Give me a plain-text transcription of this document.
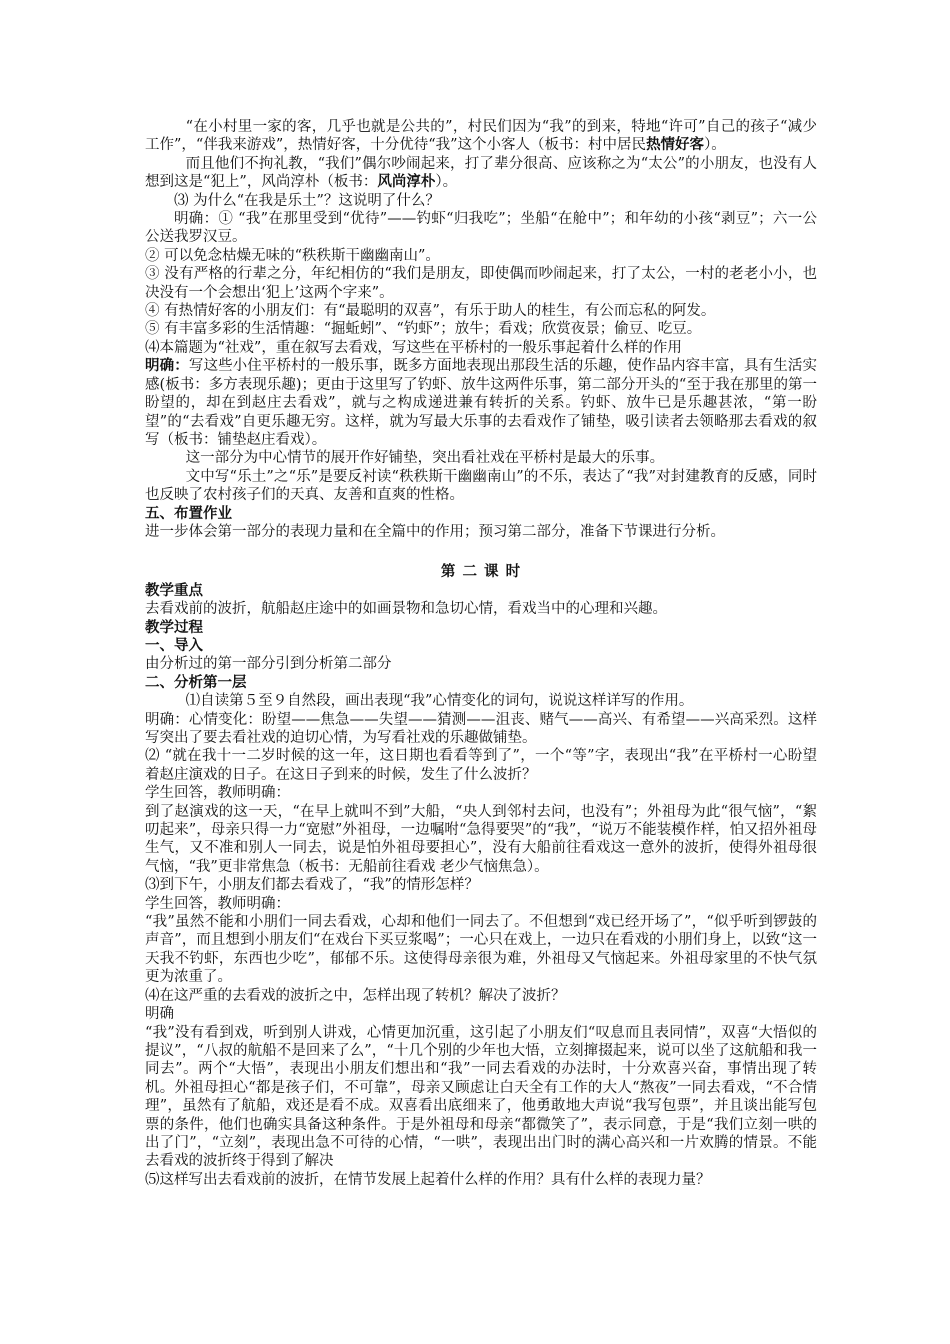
“在小村里一家的客，几乎也就是公共的”，村民们因为“我”的到来，特地“许可”自己的孩子“减少工作”，“伴我来游戏”，热情好客，十分优待“我”这个小客人（板书：村中居民热情好客）。

而且他们不拘礼教，“我们”偶尔吵闹起来，打了辈分很高、应该称之为“太公”的小朋友，也没有人想到这是“犯上”，风尚淳朴（板书：风尚淳朴）。

⑶ 为什么“在我是乐土”？这说明了什么？

明确：① “我”在那里受到“优待”——钓虾“归我吃”；坐船“在舱中”；和年幼的小孩“剥豆”；六一公公送我罗汉豆。

② 可以免念枯燥无味的“秩秩斯干幽幽南山”。

③ 没有严格的行辈之分，年纪相仿的“我们是朋友，即使偶而吵闹起来，打了太公，一村的老老小小，也决没有一个会想出‘犯上’这两个字来”。

④ 有热情好客的小朋友们：有“最聪明的双喜”，有乐于助人的桂生，有公而忘私的阿发。

⑤ 有丰富多彩的生活情趣：“掘蚯蚓”、“钓虾”；放牛；看戏；欣赏夜景；偷豆、吃豆。

⑷本篇题为“社戏”，重在叙写去看戏，写这些在平桥村的一般乐事起着什么样的作用

明确：写这些小住平桥村的一般乐事，既多方面地表现出那段生活的乐趣，使作品内容丰富，具有生活实感(板书：多方表现乐趣)；更由于这里写了钓虾、放牛这两件乐事，第二部分开头的“至于我在那里的第一盼望的，却在到赵庄去看戏”，就与之构成递进兼有转折的关系。钓虾、放牛已是乐趣甚浓，“第一盼望”的“去看戏”自更乐趣无穷。这样，就为写最大乐事的去看戏作了铺垫，吸引读者去领略那去看戏的叙写（板书：铺垫赵庄看戏）。

这一部分为中心情节的展开作好铺垫，突出看社戏在平桥村是最大的乐事。

文中写“乐土”之“乐”是要反衬读“秩秩斯干幽幽南山”的不乐，表达了“我”对封建教育的反感，同时也反映了农村孩子们的天真、友善和直爽的性格。

五、布置作业

进一步体会第一部分的表现力量和在全篇中的作用；预习第二部分，准备下节课进行分析。

第 二 课 时

教学重点

去看戏前的波折，航船赵庄途中的如画景物和急切心情，看戏当中的心理和兴趣。

教学过程

一、导入

由分析过的第一部分引到分析第二部分

二、分析第一层

⑴自读第５至９自然段，画出表现“我”心情变化的词句，说说这样详写的作用。

明确：心情变化：盼望——焦急——失望——猜测——沮丧、赌气——高兴、有希望——兴高采烈。这样写突出了要去看社戏的迫切心情，为写看社戏的乐趣做铺垫。

⑵ “就在我十一二岁时候的这一年，这日期也看看等到了”，一个“等”字，表现出“我”在平桥村一心盼望着赵庄演戏的日子。在这日子到来的时候，发生了什么波折？

学生回答，教师明确：

到了赵演戏的这一天，“在早上就叫不到”大船，“央人到邻村去问，也没有”；外祖母为此“很气恼”，“絮叨起来”，母亲只得一力“宽慰”外祖母，一边嘱咐“急得要哭”的“我”，“说万不能装模作样，怕又招外祖母生气，又不准和别人一同去，说是怕外祖母要担心”，没有大船前往看戏这一意外的波折，使得外祖母很气恼，“我”更非常焦急（板书：无船前往看戏 老少气恼焦急）。

⑶到下午，小朋友们都去看戏了，“我”的情形怎样？

学生回答，教师明确：

“我”虽然不能和小朋们一同去看戏，心却和他们一同去了。不但想到“戏已经开场了”，“似乎听到锣鼓的声音”，而且想到小朋友们“在戏台下买豆浆喝”；一心只在戏上，一边只在看戏的小朋们身上，以致“这一天我不钓虾，东西也少吃”，郁郁不乐。这使得母亲很为难，外祖母又气恼起来。外祖母家里的不快气氛更为浓重了。

⑷在这严重的去看戏的波折之中，怎样出现了转机？解决了波折？

明确

“我”没有看到戏，听到别人讲戏，心情更加沉重，这引起了小朋友们“叹息而且表同情”，双喜“大悟似的提议”，“八叔的航船不是回来了么”，“十几个别的少年也大悟，立刻撺掇起来，说可以坐了这航船和我一同去”。两个“大悟”，表现出小朋友们想出和“我”一同去看戏的办法时，十分欢喜兴奋，事情出现了转机。外祖母担心“都是孩子们，不可靠”，母亲又顾虑让白天全有工作的大人“熬夜”一同去看戏，“不合情理”，虽然有了航船，戏还是看不成。双喜看出底细来了，他勇敢地大声说“我写包票”，并且谈出能写包票的条件，他们也确实具备这种条件。于是外祖母和母亲“都微笑了”，表示同意，于是“我们立刻一哄的出了门”，“立刻”，表现出急不可待的心情，“一哄”，表现出出门时的满心高兴和一片欢腾的情景。不能去看戏的波折终于得到了解决

⑸这样写出去看戏前的波折，在情节发展上起着什么样的作用？具有什么样的表现力量？
